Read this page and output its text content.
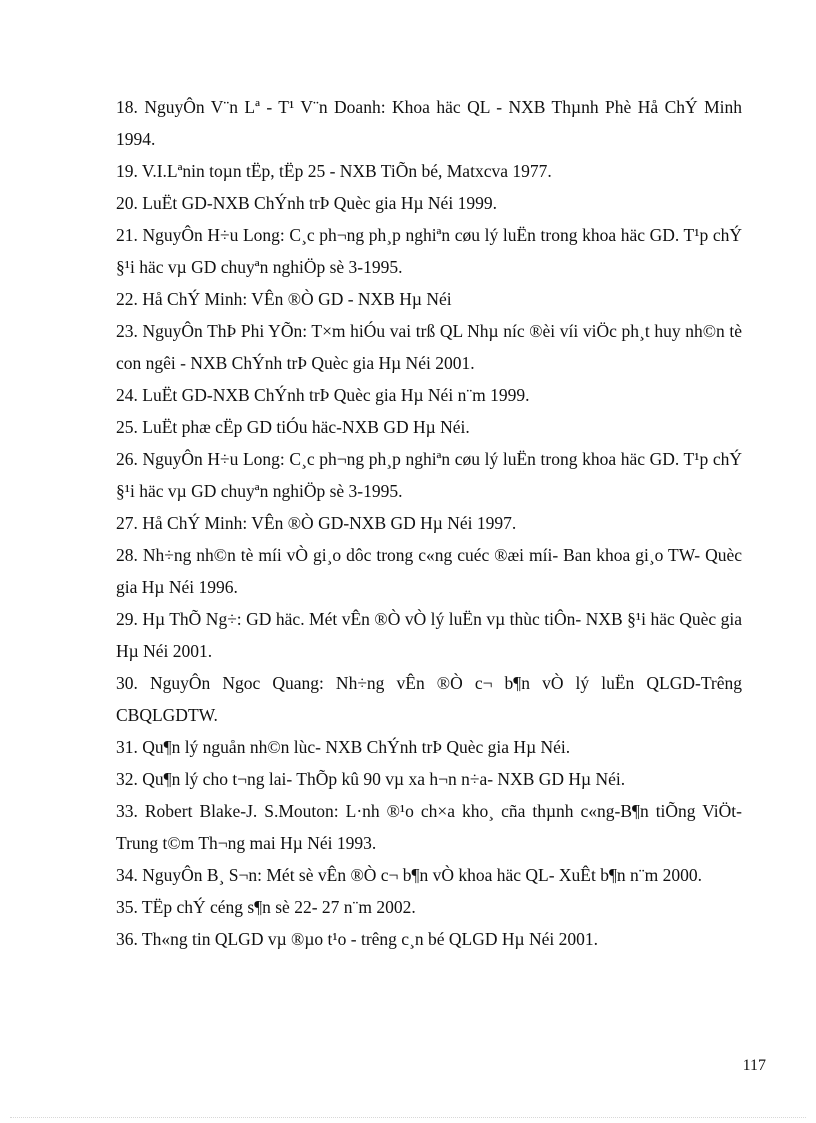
18. NguyÔn V¨n Lª - T¹ V¨n Doanh: Khoa häc QL - NXB Thµnh Phè Hå ChÝ Minh 1994.
19. V.I.Lªnin toµn tËp, tËp 25 - NXB TiÕn bé, Matxcva 1977.
20. LuËt GD-NXB ChÝnh trÞ Quèc gia Hµ Néi 1999.
21. NguyÔn H÷u Long: C¸c ph¬ng ph¸p nghiªn cøu lý luËn trong khoa häc GD. T¹p chÝ §¹i häc vµ GD chuyªn nghiÖp sè 3-1995.
22. Hå ChÝ Minh: VÊn ®Ò GD - NXB Hµ Néi
23. NguyÔn ThÞ Phi YÕn: T×m hiÓu vai trß QL Nhµ níc ®èi víi viÖc ph¸t huy nh©n tè con ngêi - NXB ChÝnh trÞ Quèc gia Hµ Néi 2001.
24. LuËt GD-NXB ChÝnh trÞ Quèc gia Hµ Néi n¨m 1999.
25. LuËt phæ cËp GD tiÓu häc-NXB GD Hµ Néi.
26. NguyÔn H÷u Long: C¸c ph¬ng ph¸p nghiªn cøu lý luËn trong khoa häc GD. T¹p chÝ §¹i häc vµ GD chuyªn nghiÖp sè 3-1995.
27. Hå ChÝ Minh: VÊn ®Ò GD-NXB GD Hµ Néi 1997.
28. Nh÷ng nh©n tè míi vÒ gi¸o dôc trong c«ng cuéc ®æi míi- Ban khoa gi¸o TW- Quèc gia Hµ Néi 1996.
29. Hµ ThÕ Ng÷: GD häc. Mét vÊn ®Ò vÒ lý luËn vµ thùc tiÔn- NXB §¹i häc Quèc gia Hµ Néi 2001.
30. NguyÔn Ngoc Quang: Nh÷ng vÊn ®Ò c¬ b¶n vÒ lý luËn QLGD-Trêng CBQLGDTW.
31. Qu¶n lý nguån nh©n lùc- NXB ChÝnh trÞ Quèc gia Hµ Néi.
32. Qu¶n lý cho t¬ng lai- ThÕp kû 90 vµ xa h¬n n÷a- NXB GD Hµ Néi.
33. Robert Blake-J. S.Mouton: L·nh ®¹o ch×a kho¸ cña thµnh c«ng-B¶n tiÕng ViÖt-Trung t©m Th¬ng mai Hµ Néi 1993.
34. NguyÔn B¸ S¬n: Mét sè vÊn ®Ò c¬ b¶n vÒ khoa häc QL- XuÊt b¶n n¨m 2000.
35. TËp chÝ céng s¶n sè 22- 27 n¨m 2002.
36. Th«ng tin QLGD vµ ®µo t¹o - trêng c¸n bé QLGD Hµ Néi 2001.
117
